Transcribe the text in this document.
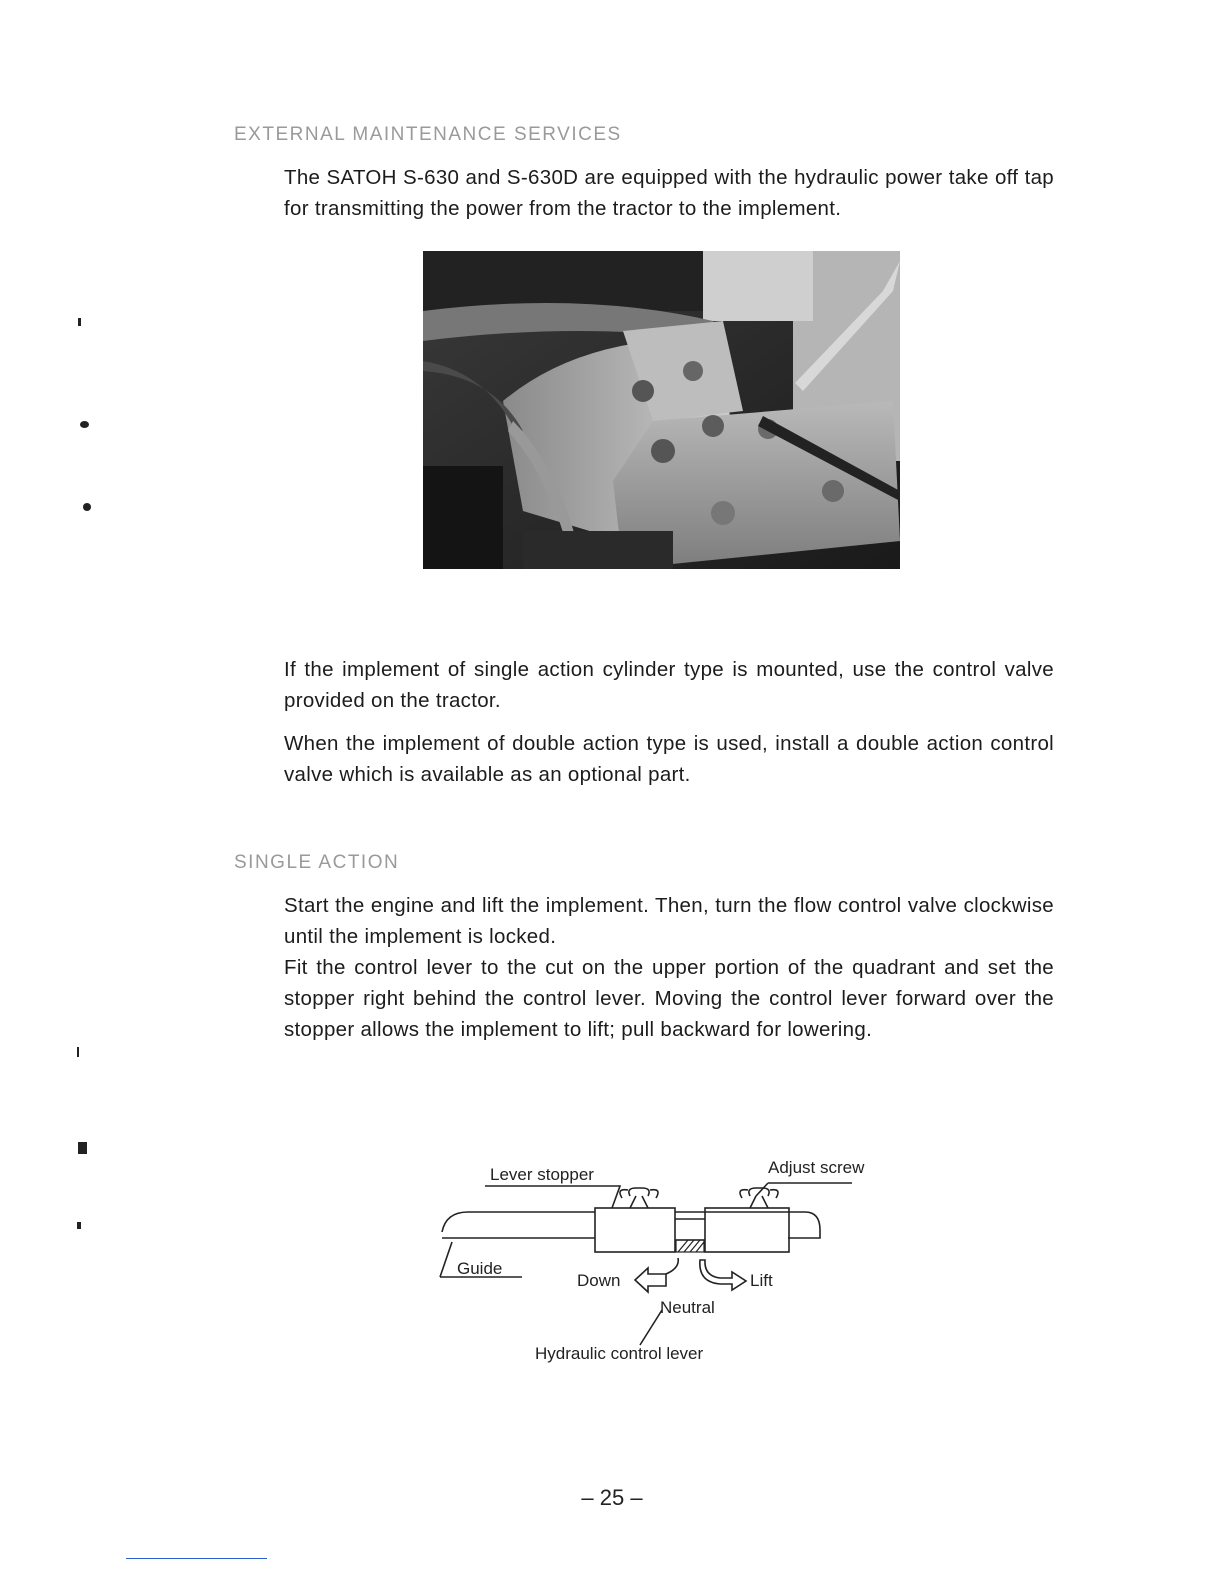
EXTERNAL MAINTENANCE SERVICES

The SATOH S-630 and S-630D are equipped with the hydraulic power take off tap for transmitting the power from the tractor to the implement.

If the implement of single action cylinder type is mounted, use the control valve provided on the tractor.

When the implement of double action type is used, install a double action control valve which is available as an optional part.

SINGLE ACTION

Start the engine and lift the implement. Then, turn the flow control valve clockwise until the implement is locked.

Fit the control lever to the cut on the upper portion of the quadrant and set the stopper right behind the control lever. Moving the control lever forward over the stopper allows the implement to lift; pull backward for lowering.

Lever stopper	Adjust screw
Guide
Down	Lift
Neutral
Hydraulic control lever
– 25 –
